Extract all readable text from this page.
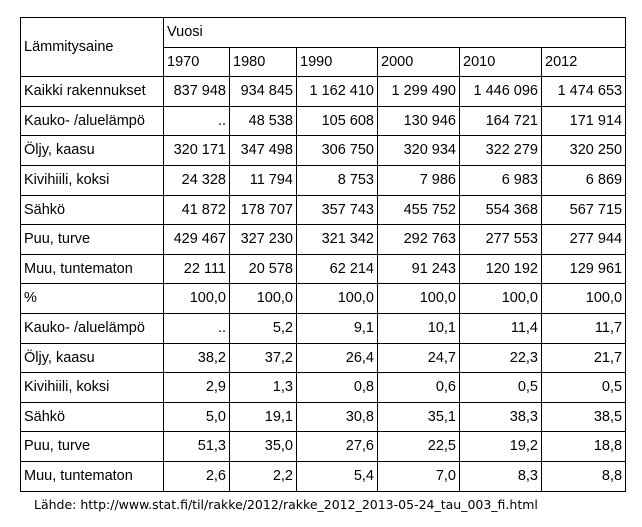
Lämmitysaine	Vuosi					
	1970	1980	1990	2000	2010	2012
Kaikki rakennukset	837 948	934 845	1 162 410	1 299 490	1 446 096	1 474 653
Kauko- /aluelämpö	..	48 538	105 608	130 946	164 721	171 914
Öljy, kaasu	320 171	347 498	306 750	320 934	322 279	320 250
Kivihiili, koksi	24 328	11 794	8 753	7 986	6 983	6 869
Sähkö	41 872	178 707	357 743	455 752	554 368	567 715
Puu, turve	429 467	327 230	321 342	292 763	277 553	277 944
Muu, tuntematon	22 111	20 578	62 214	91 243	120 192	129 961
%	100,0	100,0	100,0	100,0	100,0	100,0
Kauko- /aluelämpö	..	5,2	9,1	10,1	11,4	11,7
Öljy, kaasu	38,2	37,2	26,4	24,7	22,3	21,7
Kivihiili, koksi	2,9	1,3	0,8	0,6	0,5	0,5
Sähkö	5,0	19,1	30,8	35,1	38,3	38,5
Puu, turve	51,3	35,0	27,6	22,5	19,2	18,8
Muu, tuntematon	2,6	2,2	5,4	7,0	8,3	8,8
Lähde: http://www.stat.fi/til/rakke/2012/rakke_2012_2013-05-24_tau_003_fi.html
